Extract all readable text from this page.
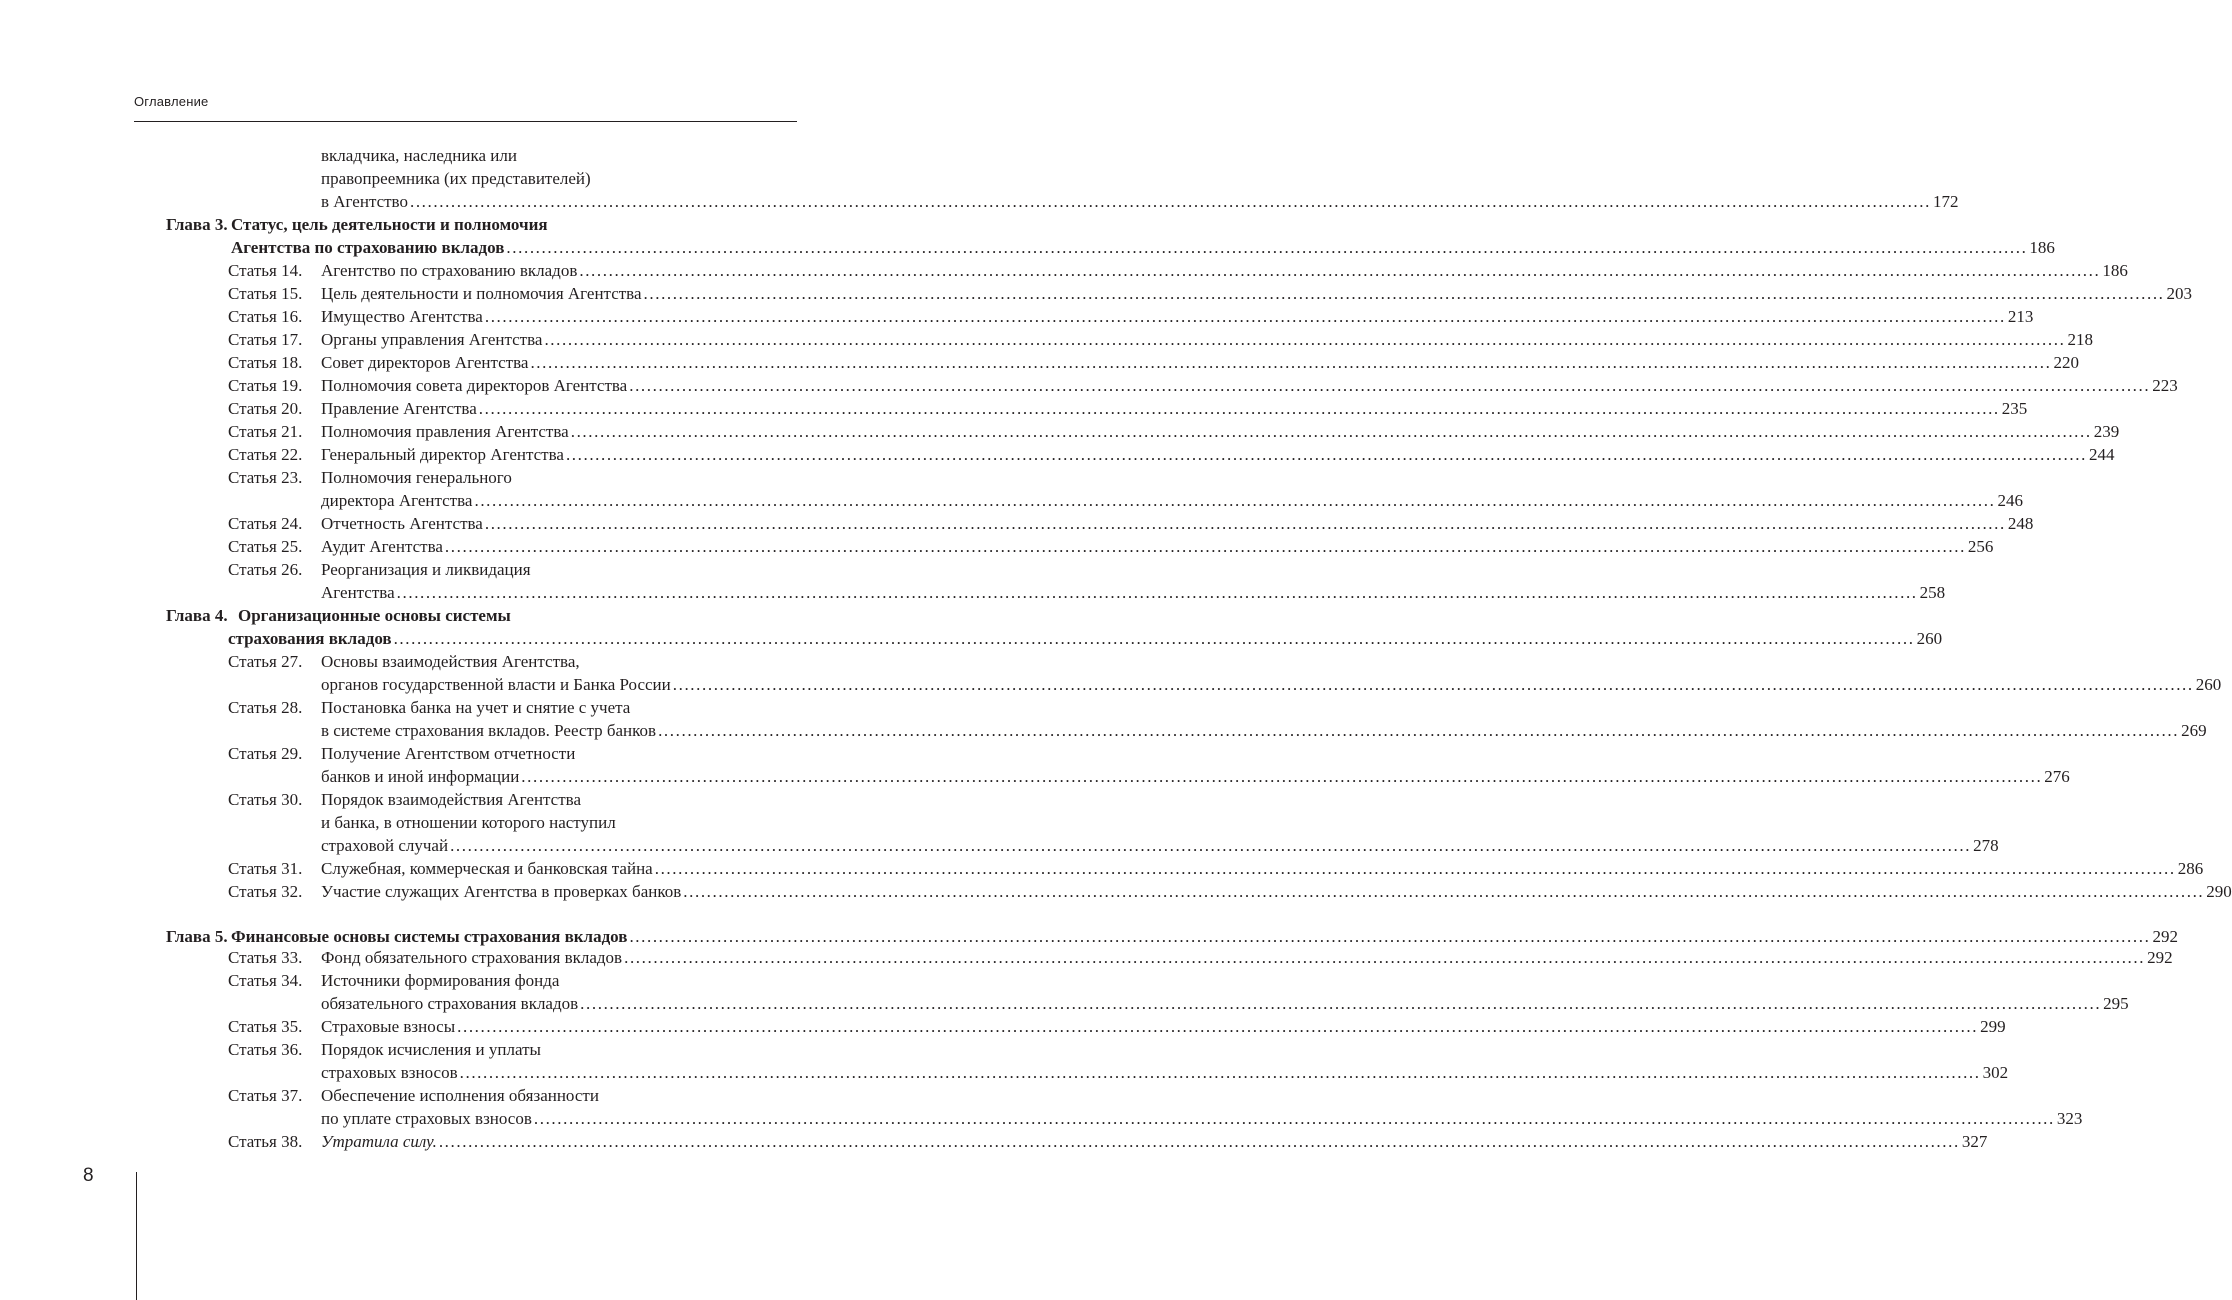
Оглавление
вкладчика, наследника или
правопреемника (их представителей)
в Агентство .................................................................................................................................................................................................................................................................... 172
Глава 3. Статус, цель деятельности и полномочия
Агентства по страхованию вкладов .................................................................................................................................................................................................................................................................... 186
Статья 14. Агентство по страхованию вкладов .................................................................................................................................................................................................................................................................... 186
Статья 15. Цель деятельности и полномочия Агентства .................................................................................................................................................................................................................................................................... 203
Статья 16. Имущество Агентства .................................................................................................................................................................................................................................................................... 213
Статья 17. Органы управления Агентства .................................................................................................................................................................................................................................................................... 218
Статья 18. Совет директоров Агентства .................................................................................................................................................................................................................................................................... 220
Статья 19. Полномочия совета директоров Агентства .................................................................................................................................................................................................................................................................... 223
Статья 20. Правление Агентства .................................................................................................................................................................................................................................................................... 235
Статья 21. Полномочия правления Агентства .................................................................................................................................................................................................................................................................... 239
Статья 22. Генеральный директор Агентства .................................................................................................................................................................................................................................................................... 244
Статья 23. Полномочия генерального
директора Агентства .................................................................................................................................................................................................................................................................... 246
Статья 24. Отчетность Агентства .................................................................................................................................................................................................................................................................... 248
Статья 25. Аудит Агентства .................................................................................................................................................................................................................................................................... 256
Статья 26. Реорганизация и ликвидация
Агентства .................................................................................................................................................................................................................................................................... 258
Глава 4. Организационные основы системы
страхования вкладов .................................................................................................................................................................................................................................................................... 260
Статья 27. Основы взаимодействия Агентства,
органов государственной власти и Банка России .................................................................................................................................................................................................................................................................... 260
Статья 28. Постановка банка на учет и снятие с учета
в системе страхования вкладов. Реестр банков .................................................................................................................................................................................................................................................................... 269
Статья 29. Получение Агентством отчетности
банков и иной информации .................................................................................................................................................................................................................................................................... 276
Статья 30. Порядок взаимодействия Агентства
и банка, в отношении которого наступил
страховой случай .................................................................................................................................................................................................................................................................... 278
Статья 31. Служебная, коммерческая и банковская тайна .................................................................................................................................................................................................................................................................... 286
Статья 32. Участие служащих Агентства в проверках банков .................................................................................................................................................................................................................................................................... 290
Глава 5. Финансовые основы системы страхования вкладов .................................................................................................................................................................................................................................................................... 292
Статья 33. Фонд обязательного страхования вкладов .................................................................................................................................................................................................................................................................... 292
Статья 34. Источники формирования фонда
обязательного страхования вкладов .................................................................................................................................................................................................................................................................... 295
Статья 35. Страховые взносы .................................................................................................................................................................................................................................................................... 299
Статья 36. Порядок исчисления и уплаты
страховых взносов .................................................................................................................................................................................................................................................................... 302
Статья 37. Обеспечение исполнения обязанности
по уплате страховых взносов .................................................................................................................................................................................................................................................................... 323
Статья 38. Утратила силу. .................................................................................................................................................................................................................................................................... 327
8
